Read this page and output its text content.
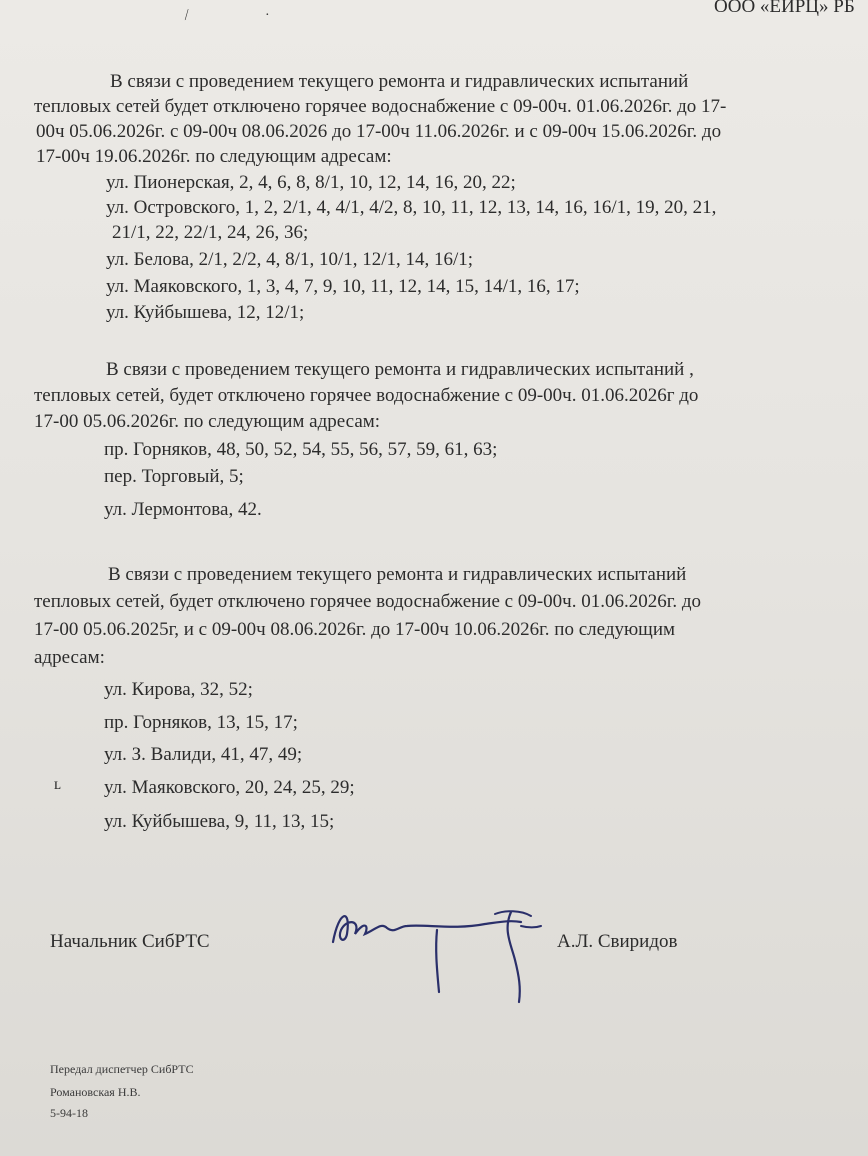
⁄	·	ООО «ЕИРЦ» РБ
В связи с проведением текущего ремонта и гидравлических испытаний
тепловых сетей будет отключено горячее водоснабжение с 09-00ч. 01.06.2026г. до 17-
00ч 05.06.2026г. с 09-00ч 08.06.2026 до 17-00ч 11.06.2026г. и с 09-00ч 15.06.2026г. до
17-00ч 19.06.2026г. по следующим адресам:
ул. Пионерская, 2, 4, 6, 8, 8/1, 10, 12, 14, 16, 20, 22;
ул. Островского, 1, 2, 2/1, 4, 4/1, 4/2, 8, 10, 11, 12, 13, 14, 16, 16/1, 19, 20, 21,
21/1, 22, 22/1, 24, 26, 36;
ул. Белова, 2/1, 2/2, 4, 8/1, 10/1, 12/1, 14, 16/1;
ул. Маяковского, 1, 3, 4, 7, 9, 10, 11, 12, 14, 15, 14/1, 16, 17;
ул. Куйбышева, 12, 12/1;
В связи с проведением текущего ремонта и гидравлических испытаний ,
тепловых сетей, будет отключено горячее водоснабжение с 09-00ч. 01.06.2026г до
17-00 05.06.2026г. по следующим адресам:
пр. Горняков, 48, 50, 52, 54, 55, 56, 57, 59, 61, 63;
пер. Торговый, 5;
ул. Лермонтова, 42.
В связи с проведением текущего ремонта и гидравлических испытаний
тепловых сетей, будет отключено горячее водоснабжение с 09-00ч. 01.06.2026г. до
17-00 05.06.2025г, и с 09-00ч 08.06.2026г. до 17-00ч 10.06.2026г. по следующим
адресам:
ул. Кирова, 32, 52;
пр. Горняков, 13, 15, 17;
ул. З. Валиди, 41, 47, 49;
ʟ ул. Маяковского, 20, 24, 25, 29;
ул. Куйбышева, 9, 11, 13, 15;
Начальник СибРТС	А.Л. Свиридов
Передал диспетчер СибРТС
Романовская Н.В.
5-94-18
